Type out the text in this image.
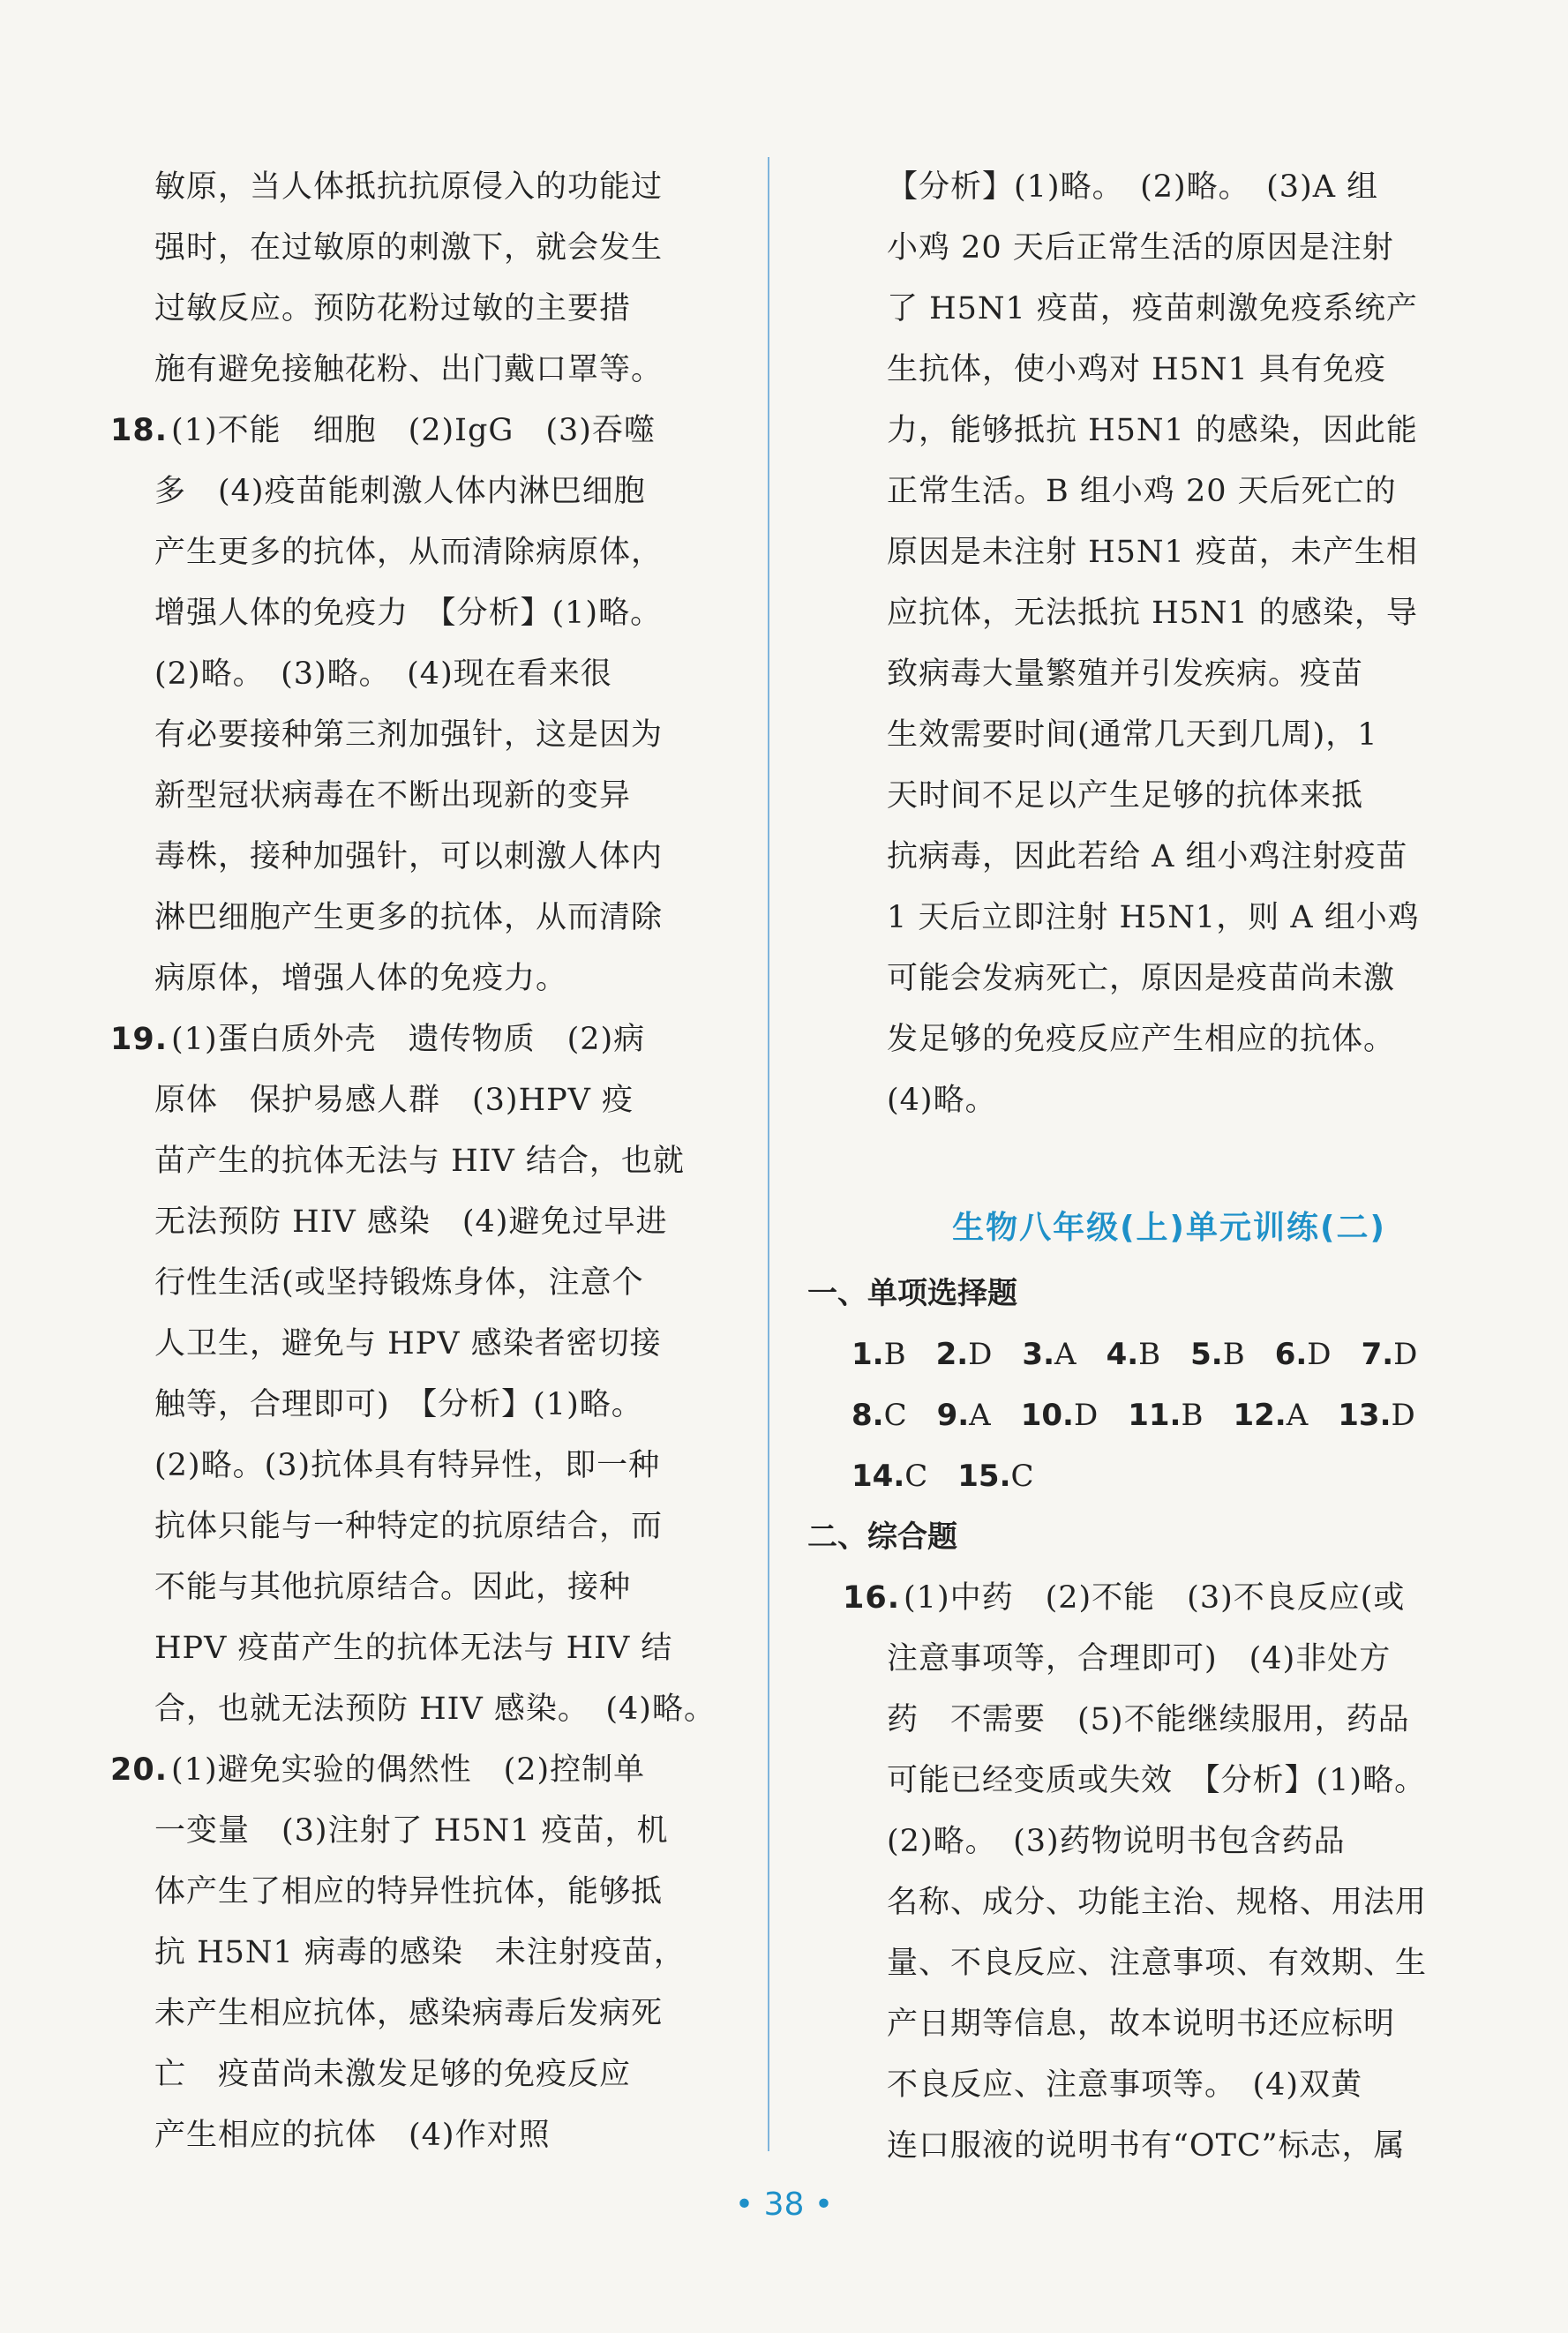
敏原，当人体抵抗抗原侵入的功能过
强时，在过敏原的刺激下，就会发生
过敏反应。预防花粉过敏的主要措
施有避免接触花粉、出门戴口罩等。
18. (1)不能　细胞　(2)IgG　(3)吞噬
多　(4)疫苗能刺激人体内淋巴细胞
产生更多的抗体，从而清除病原体，
增强人体的免疫力　【分析】(1)略。
(2)略。　(3)略。　(4)现在看来很
有必要接种第三剂加强针，这是因为
新型冠状病毒在不断出现新的变异
毒株，接种加强针，可以刺激人体内
淋巴细胞产生更多的抗体，从而清除
病原体，增强人体的免疫力。
19. (1)蛋白质外壳　遗传物质　(2)病
原体　保护易感人群　(3)HPV 疫
苗产生的抗体无法与 HIV 结合，也就
无法预防 HIV 感染　(4)避免过早进
行性生活(或坚持锻炼身体，注意个
人卫生，避免与 HPV 感染者密切接
触等，合理即可)　【分析】(1)略。
(2)略。(3)抗体具有特异性，即一种
抗体只能与一种特定的抗原结合，而
不能与其他抗原结合。因此，接种
HPV 疫苗产生的抗体无法与 HIV 结
合，也就无法预防 HIV 感染。　(4)略。
20. (1)避免实验的偶然性　(2)控制单
一变量　(3)注射了 H5N1 疫苗，机
体产生了相应的特异性抗体，能够抵
抗 H5N1 病毒的感染　未注射疫苗，
未产生相应抗体，感染病毒后发病死
亡　疫苗尚未激发足够的免疫反应
产生相应的抗体　(4)作对照
【分析】(1)略。　(2)略。　(3)A 组
小鸡 20 天后正常生活的原因是注射
了 H5N1 疫苗，疫苗刺激免疫系统产
生抗体，使小鸡对 H5N1 具有免疫
力，能够抵抗 H5N1 的感染，因此能
正常生活。B 组小鸡 20 天后死亡的
原因是未注射 H5N1 疫苗，未产生相
应抗体，无法抵抗 H5N1 的感染，导
致病毒大量繁殖并引发疾病。疫苗
生效需要时间(通常几天到几周)，1
天时间不足以产生足够的抗体来抵
抗病毒，因此若给 A 组小鸡注射疫苗
1 天后立即注射 H5N1，则 A 组小鸡
可能会发病死亡，原因是疫苗尚未激
发足够的免疫反应产生相应的抗体。
(4)略。
生物八年级(上)单元训练(二)
一、单项选择题
1.B 2.D 3.A 4.B 5.B 6.D 7.D
8.C 9.A 10.D 11.B 12.A 13.D
14.C 15.C
二、综合题
16. (1)中药　(2)不能　(3)不良反应(或
注意事项等，合理即可)　(4)非处方
药　不需要　(5)不能继续服用，药品
可能已经变质或失效　【分析】(1)略。
(2)略。　(3)药物说明书包含药品
名称、成分、功能主治、规格、用法用
量、不良反应、注意事项、有效期、生
产日期等信息，故本说明书还应标明
不良反应、注意事项等。　(4)双黄
连口服液的说明书有“OTC”标志，属
• 38 •
